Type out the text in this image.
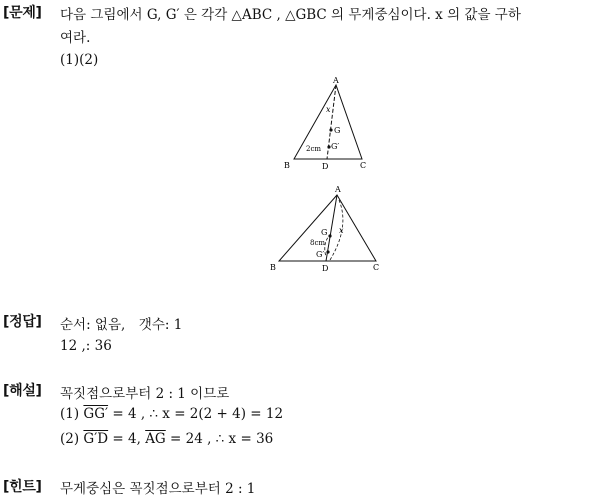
[문제] 다음 그림에서 G, G′ 은 각각 △ABC , △GBC 의 무게중심이다. x 의 값을 구하
여라.
(1)(2)
A
B	C
D
G
G′
x
2cm
A
B	C
D
G
G′
x
8cm
[정답] 순서: 없음,　갯수: 1
12 ,: 36
[해설] 꼭짓점으로부터 2 : 1 이므로
(1) GG′ = 4 , ∴ x = 2(2 + 4) = 12
(2) G′D = 4, $\overline{AG} = 24$ , ∴ x = 36
[힌트] 무게중심은 꼭짓점으로부터 2 : 1
